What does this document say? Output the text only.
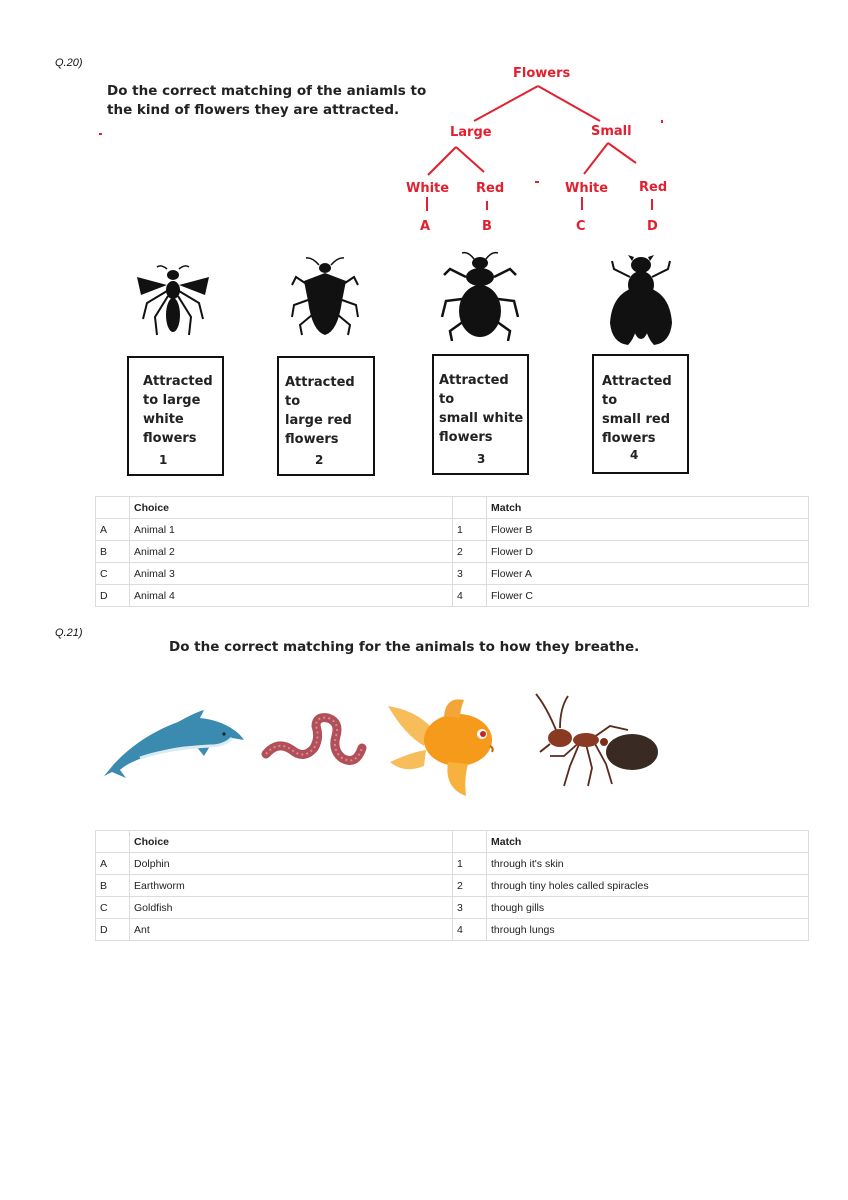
Q.20)
Do the correct matching of the aniamls to
the kind of flowers they are attracted.
Flowers
Large	Small
White Red	White Red
A	B	C	D
Attracted
to large
white
flowers
1
Attracted to
large red
flowers
2
Attracted to
small white
flowers
3
Attracted to
small red
flowers
4
	Choice		Match
A	Animal 1	1	Flower B
B	Animal 2	2	Flower D
C	Animal 3	3	Flower A
D	Animal 4	4	Flower C
Q.21)
Do the correct matching for the animals to how they breathe.
	Choice		Match
A	Dolphin	1	through it's skin
B	Earthworm	2	through tiny holes called spiracles
C	Goldfish	3	though gills
D	Ant	4	through lungs
